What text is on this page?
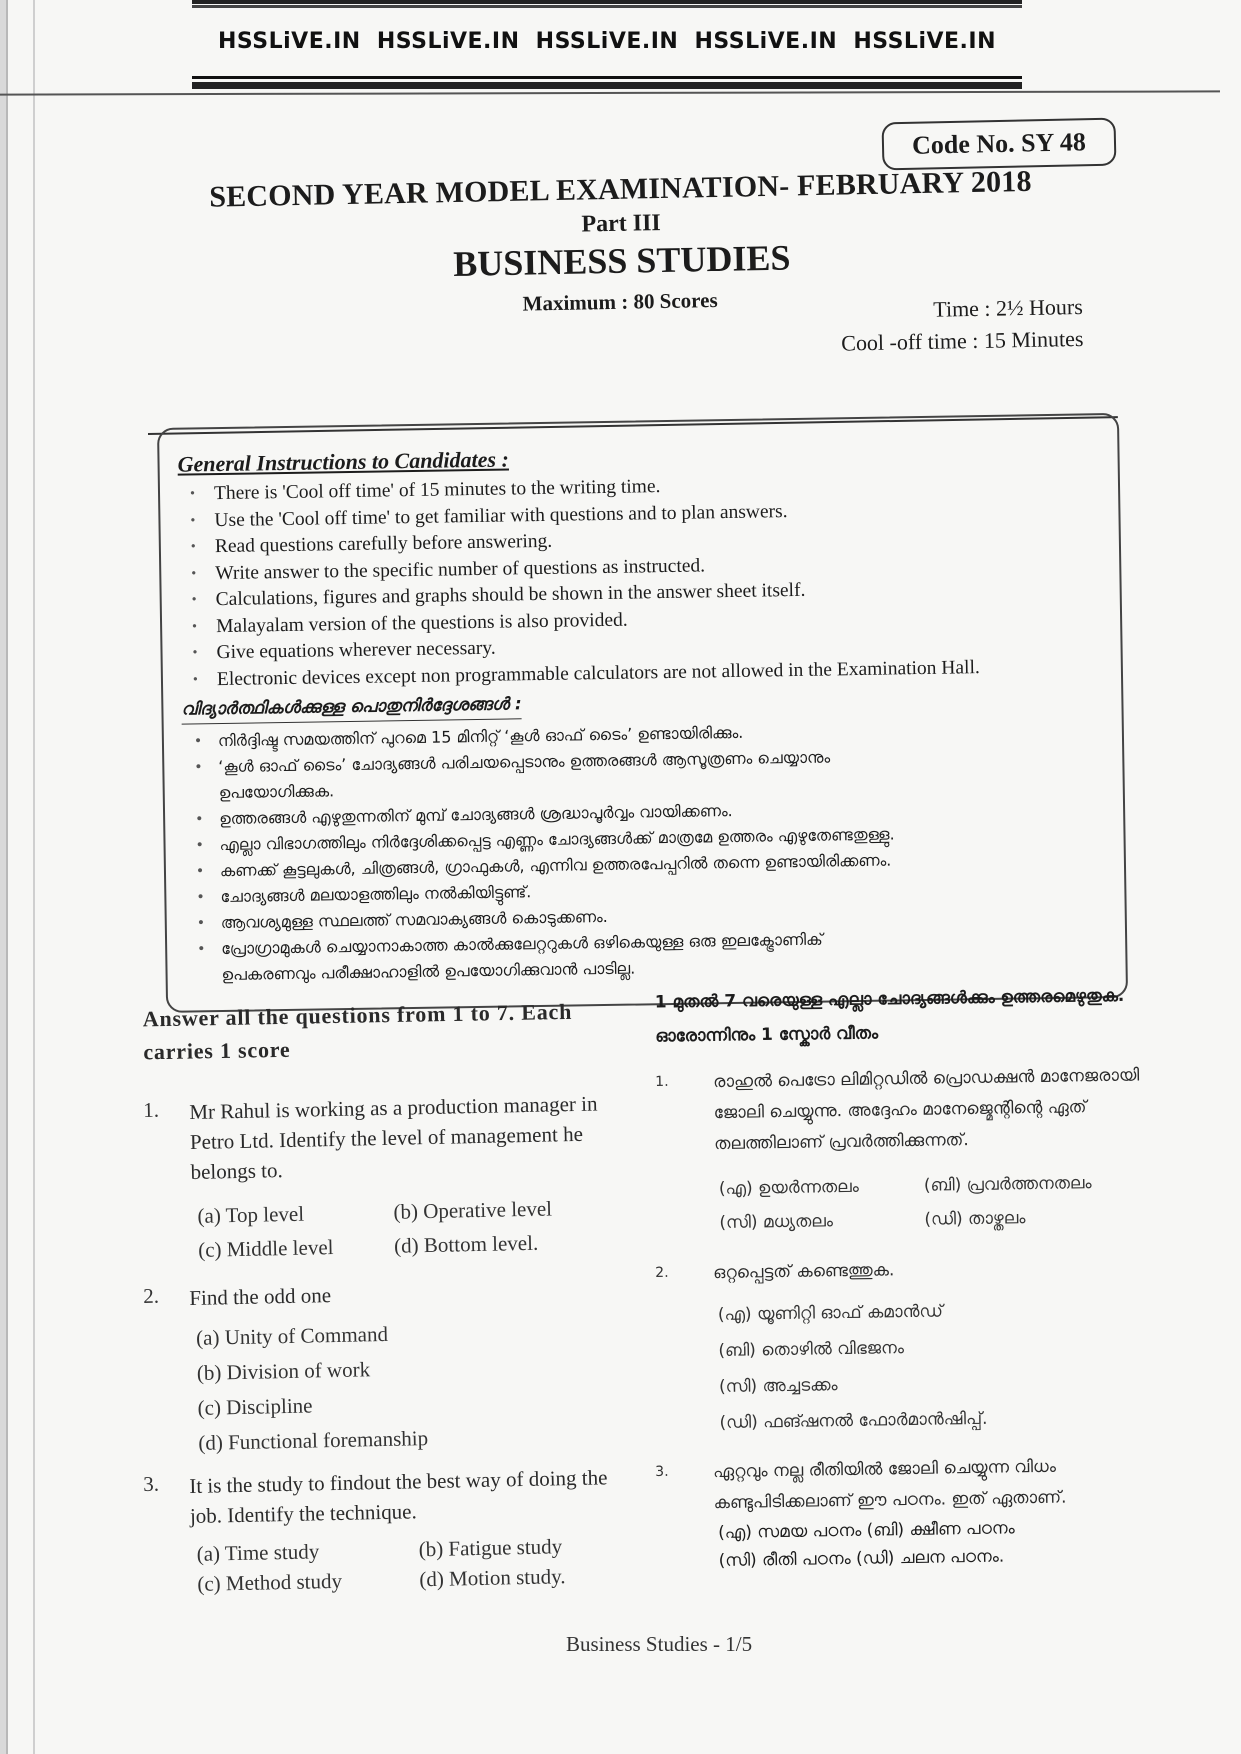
HSSLiVE.IN HSSLiVE.IN HSSLiVE.IN HSSLiVE.IN HSSLiVE.IN
Code No. SY 48
SECOND YEAR MODEL EXAMINATION- FEBRUARY 2018
Part III
BUSINESS STUDIES
Maximum : 80 Scores	Time : 2½ Hours
Cool -off time : 15 Minutes
General Instructions to Candidates :
• There is 'Cool off time' of 15 minutes to the writing time.
• Use the 'Cool off time' to get familiar with questions and to plan answers.
• Read questions carefully before answering.
• Write answer to the specific number of questions as instructed.
• Calculations, figures and graphs should be shown in the answer sheet itself.
• Malayalam version of the questions is also provided.
• Give equations wherever necessary.
• Electronic devices except non programmable calculators are not allowed in the Examination Hall.
വിദ്യാർത്ഥികൾക്കുള്ള പൊതുനിർദ്ദേശങ്ങൾ :
• നിർദ്ദിഷ്ട സമയത്തിന് പുറമെ 15 മിനിറ്റ് ‘കൂൾ ഓഫ് ടൈം’ ഉണ്ടായിരിക്കും.
• ‘കൂൾ ഓഫ് ടൈം’ ചോദ്യങ്ങൾ പരിചയപ്പെടാനും ഉത്തരങ്ങൾ ആസൂത്രണം ചെയ്യാനും
ഉപയോഗിക്കുക.
• ഉത്തരങ്ങൾ എഴുതുന്നതിന് മുമ്പ് ചോദ്യങ്ങൾ ശ്രദ്ധാപൂർവ്വം വായിക്കണം.
• എല്ലാ വിഭാഗത്തിലും നിർദ്ദേശിക്കപ്പെട്ട എണ്ണം ചോദ്യങ്ങൾക്ക് മാത്രമേ ഉത്തരം എഴുതേണ്ടതുള്ളു.
• കണക്ക് കൂട്ടലുകൾ, ചിത്രങ്ങൾ, ഗ്രാഫുകൾ, എന്നിവ ഉത്തരപേപ്പറിൽ തന്നെ ഉണ്ടായിരിക്കണം.
• ചോദ്യങ്ങൾ മലയാളത്തിലും നൽകിയിട്ടുണ്ട്.
• ആവശ്യമുള്ള സ്ഥലത്ത് സമവാക്യങ്ങൾ കൊടുക്കണം.
• പ്രോഗ്രാമുകൾ ചെയ്യാനാകാത്ത കാൽക്കുലേറ്ററുകൾ ഒഴികെയുള്ള ഒരു ഇലക്ട്രോണിക്
ഉപകരണവും പരീക്ഷാഹാളിൽ ഉപയോഗിക്കുവാൻ പാടില്ല.
Answer all the questions from 1 to 7. Each carries 1 score
1. Mr Rahul is working as a production manager in Petro Ltd. Identify the level of management he belongs to.
(a) Top level	(b) Operative level
(c) Middle level	(d) Bottom level.
2. Find the odd one
(a) Unity of Command
(b) Division of work
(c) Discipline
(d) Functional foremanship
3. It is the study to findout the best way of doing the job. Identify the technique.
(a) Time study	(b) Fatigue study
(c) Method study	(d) Motion study.
1 മുതൽ 7 വരെയുള്ള എല്ലാ ചോദ്യങ്ങൾക്കും ഉത്തരമെഴുതുക. ഓരോന്നിനും 1 സ്കോർ വീതം
1.	രാഹുൽ പെട്രോ ലിമിറ്റഡിൽ പ്രൊഡക്ഷൻ മാനേജരായി ജോലി ചെയ്യുന്നു. അദ്ദേഹം മാനേജ്മെന്റിന്റെ ഏത് തലത്തിലാണ് പ്രവർത്തിക്കുന്നത്.
(എ) ഉയർന്നതലം	(ബി) പ്രവർത്തനതലം
(സി) മധ്യതലം	(ഡി) താഴ്തലം
2.	ഒറ്റപ്പെട്ടത് കണ്ടെത്തുക.
(എ) യൂണിറ്റി ഓഫ് കമാൻഡ്
(ബി) തൊഴിൽ വിഭജനം
(സി) അച്ചടക്കം
(ഡി) ഫങ്ഷനൽ ഫോർമാൻഷിപ്പ്.
3.	ഏറ്റവും നല്ല രീതിയിൽ ജോലി ചെയ്യുന്ന വിധം കണ്ടുപിടിക്കലാണ് ഈ പഠനം. ഇത് ഏതാണ്.
(എ) സമയ പഠനം (ബി) ക്ഷീണ പഠനം
(സി) രീതി പഠനം (ഡി) ചലന പഠനം.
Business Studies - 1/5
